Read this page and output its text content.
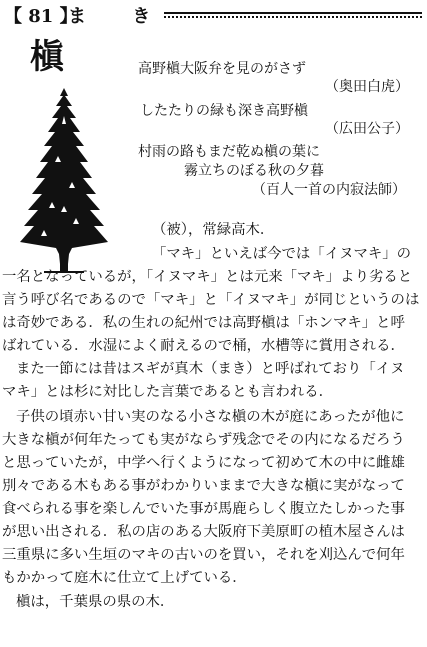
【 81 】
ま き
槇	高野槇大阪弁を見のがさず
（奥田白虎）
したたりの緑も深き高野槇
（広田公子）
村雨の路もまだ乾ぬ槇の葉に
霧立ちのぼる秋の夕暮
（百人一首の内寂法師）
（被），常緑高木．
「マキ」といえば今では「イヌマキ」の
一名となっているが，「イヌマキ」とは元来「マキ」より劣ると
言う呼び名であるので「マキ」と「イヌマキ」が同じというのは
は奇妙である．私の生れの紀州では高野槇は「ホンマキ」と呼
ばれている．水湿によく耐えるので桶，水槽等に賞用される．
また一節には昔はスギが真木（まき）と呼ばれており「イヌ
マキ」とは杉に対比した言葉であるとも言われる．
子供の頃赤い甘い実のなる小さな槇の木が庭にあったが他に
大きな槇が何年たっても実がならず残念でその内になるだろう
と思っていたが，中学へ行くようになって初めて木の中に雌雄
別々である木もある事がわかりいままで大きな槇に実がなって
食べられる事を楽しんでいた事が馬鹿らしく腹立たしかった事
が思い出される．私の店のある大阪府下美原町の植木屋さんは
三重県に多い生垣のマキの古いのを買い，それを刈込んで何年
もかかって庭木に仕立て上げている．
槇は，千葉県の県の木．
